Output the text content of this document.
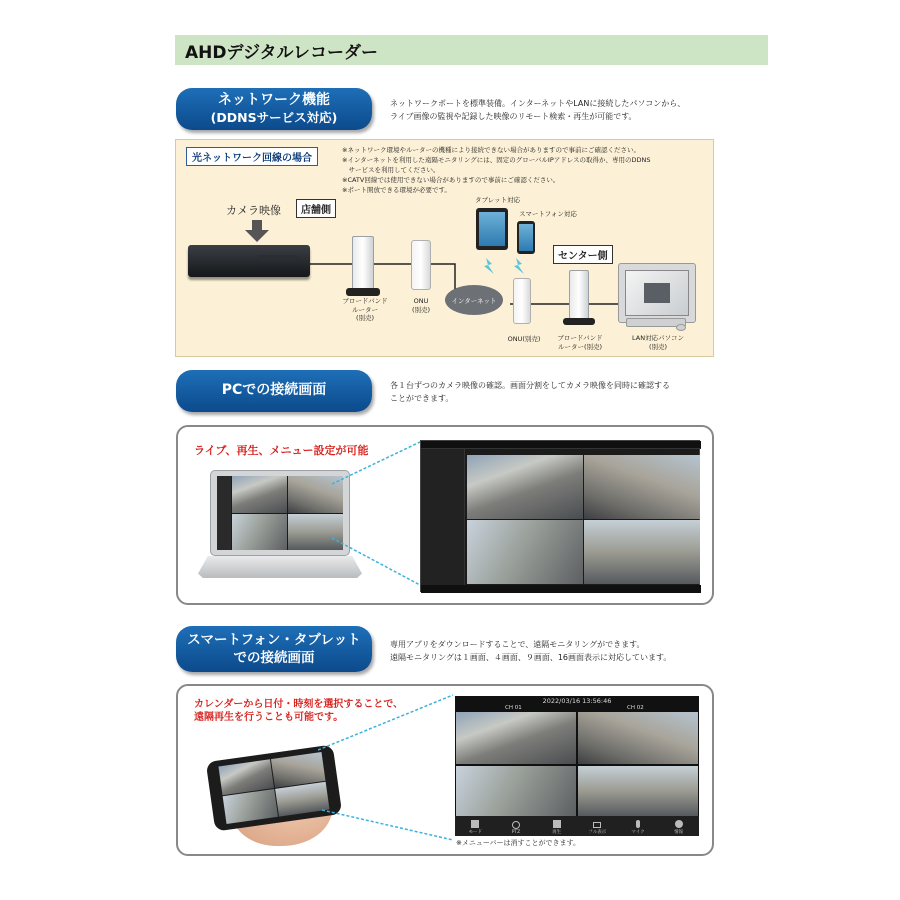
AHDデジタルレコーダー
ネットワーク機能
(DDNSサービス対応)
ネットワークポートを標準装備。インターネットやLANに接続したパソコンから、
ライブ画像の監視や記録した映像のリモート検索・再生が可能です。
光ネットワーク回線の場合
※ネットワーク環境やルーターの機種により接続できない場合がありますので事前にご確認ください。
※インターネットを利用した遠隔モニタリングには、固定のグローバルIPアドレスの取得か、専用のDDNS
　サービスを利用してください。
※CATV回線では使用できない場合がありますので事前にご確認ください。
※ポート開放できる環境が必要です。
カメラ映像	店舗側
ブロードバンド
ルーター
(別売)
ONU
(別売)
インターネット
タブレット対応
スマートフォン対応
ONU(別売)
センター側
ブロードバンド
ルーター(別売)
LAN対応パソコン
(別売)
PCでの接続画面	各１台ずつのカメラ映像の確認。画面分割をしてカメラ映像を同時に確認する
ことができます。
ライブ、再生、メニュー設定が可能
スマートフォン・タブレット
での接続画面
専用アプリをダウンロードすることで、遠隔モニタリングができます。
遠隔モニタリングは１画面、４画面、９画面、16画面表示に対応しています。
カレンダーから日付・時刻を選択することで、
遠隔再生を行うことも可能です。
2022/03/16 13:56:46
CH 01	CH 02
モード	PTZ	再生	フル表示	マイク	情報
※メニューバーは消すことができます。
